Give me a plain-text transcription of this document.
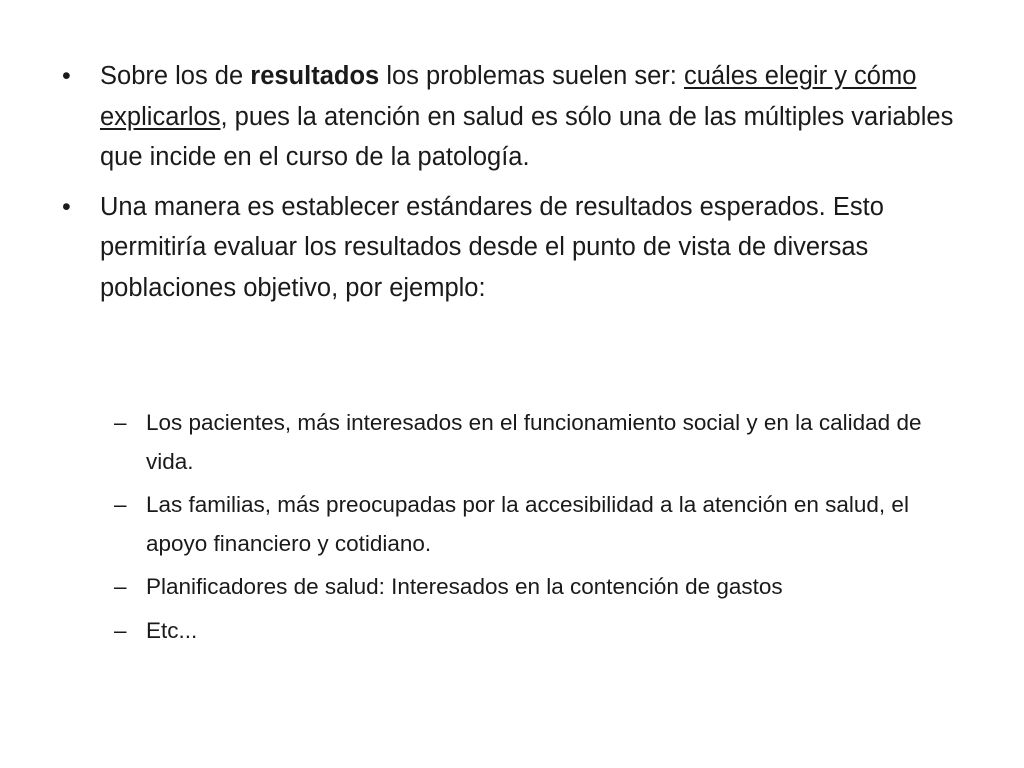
• Sobre los de resultados los problemas suelen ser: cuáles elegir y cómo explicarlos, pues la atención en salud es sólo una de las múltiples variables que incide en el curso de la patología.
• Una manera es establecer estándares de resultados esperados. Esto permitiría evaluar los resultados desde el punto de vista de diversas poblaciones objetivo, por ejemplo:
– Los pacientes, más interesados en el funcionamiento social y en la calidad de vida.
– Las familias, más preocupadas por la accesibilidad a la atención en salud, el apoyo financiero y cotidiano.
– Planificadores de salud: Interesados en la contención de gastos
– Etc...
